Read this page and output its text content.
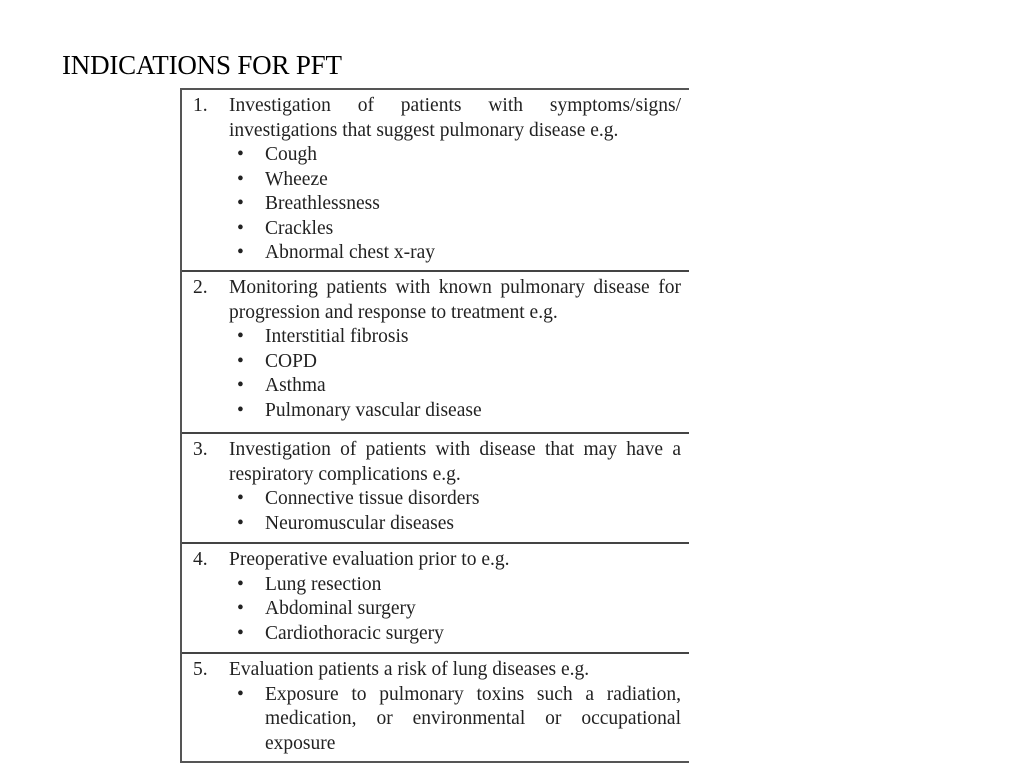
INDICATIONS FOR PFT
1.	Investigation of patients with symptoms/signs/ investigations that suggest pulmonary disease e.g.
• Cough
• Wheeze
• Breathlessness
• Crackles
• Abnormal chest x-ray
2.	Monitoring patients with known pulmonary disease for progression and response to treatment e.g.
• Interstitial fibrosis
• COPD
• Asthma
• Pulmonary vascular disease
3.	Investigation of patients with disease that may have a respiratory complications e.g.
• Connective tissue disorders
• Neuromuscular diseases
4.	Preoperative evaluation prior to e.g.
• Lung resection
• Abdominal surgery
• Cardiothoracic surgery
5.	Evaluation patients a risk of lung diseases e.g.
• Exposure to pulmonary toxins such a radiation, medication, or environmental or occupational exposure
